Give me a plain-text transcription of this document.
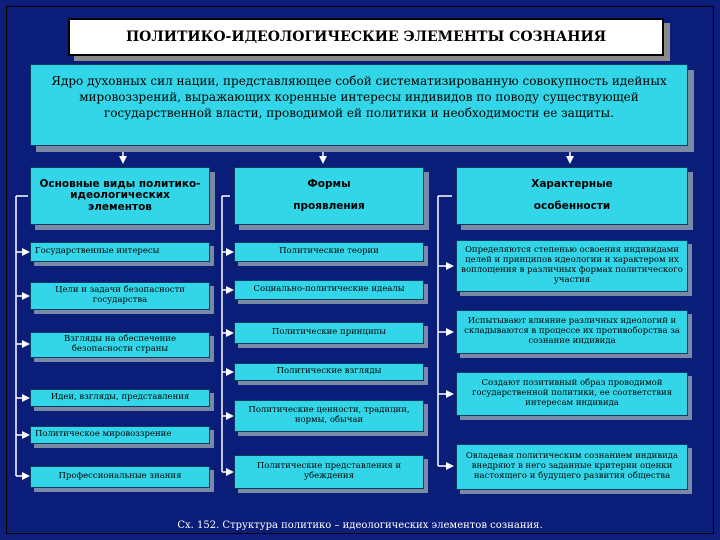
ПОЛИТИКО-ИДЕОЛОГИЧЕСКИЕ ЭЛЕМЕНТЫ СОЗНАНИЯ
Ядро духовных сил нации, представляющее собой систематизированную совокупность идейных мировоззрений, выражающих коренные интересы индивидов по поводу существующей государственной власти, проводимой ей политики и необходимости ее защиты.
Основные виды политико-идеологических элементов
Формы
проявления
Характерные
особенности
Государственные интересы
Цели и задачи безопасности государства
Взгляды на обеспечение безопасности страны
Идеи, взгляды, представления
Политическое мировоззрение
Профессиональные знания
Политические теории
Социально-политические идеалы
Политические принципы
Политические взгляды
Политические ценности, традиции, нормы, обычаи
Политические представления и убеждения
Определяются степенью освоения индивидами целей и принципов идеологии и характером их воплощения в различных формах политического участия
Испытывают влияние различных идеологий и складываются в процессе их противоборства за сознание индивида
Создают позитивный образ проводимой государственной политики, ее соответствия интересам индивида
Овладевая политическим сознанием индивида внедряют в него заданные критерии оценки настоящего и будущего развития общества
Сх. 152. Структура политико – идеологических элементов сознания.
